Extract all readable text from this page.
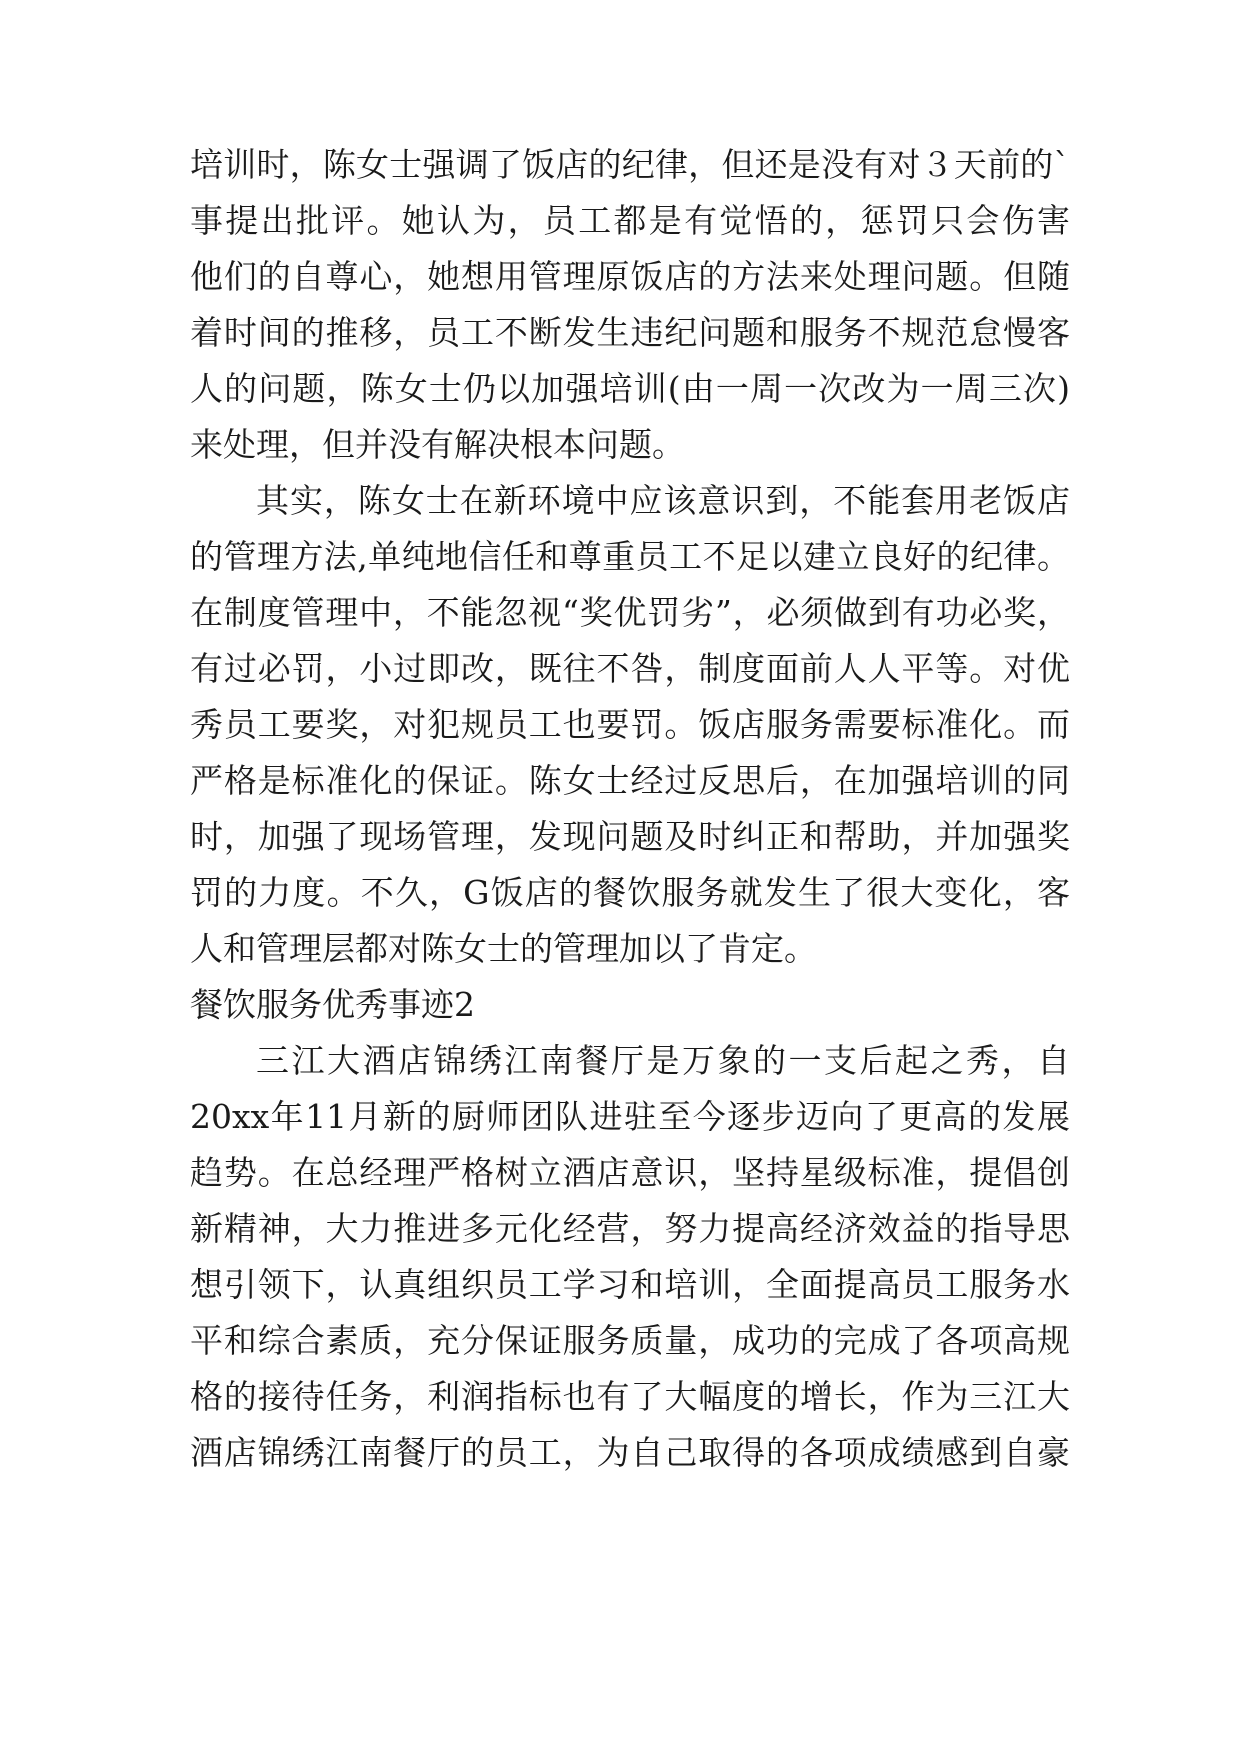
培训时，陈女士强调了饭店的纪律，但还是没有对３天前的`

事提出批评。她认为，员工都是有觉悟的，惩罚只会伤害

他们的自尊心，她想用管理原饭店的方法来处理问题。但随

着时间的推移，员工不断发生违纪问题和服务不规范怠慢客

人的问题，陈女士仍以加强培训(由一周一次改为一周三次)

来处理，但并没有解决根本问题。

其实，陈女士在新环境中应该意识到，不能套用老饭店

的管理方法,单纯地信任和尊重员工不足以建立良好的纪律。

在制度管理中，不能忽视“奖优罚劣”，必须做到有功必奖，

有过必罚，小过即改，既往不咎，制度面前人人平等。对优

秀员工要奖，对犯规员工也要罚。饭店服务需要标准化。而

严格是标准化的保证。陈女士经过反思后，在加强培训的同

时，加强了现场管理，发现问题及时纠正和帮助，并加强奖

罚的力度。不久，G饭店的餐饮服务就发生了很大变化，客

人和管理层都对陈女士的管理加以了肯定。

餐饮服务优秀事迹2

三江大酒店锦绣江南餐厅是万象的一支后起之秀，自

20xx年11月新的厨师团队进驻至今逐步迈向了更高的发展

趋势。在总经理严格树立酒店意识，坚持星级标准，提倡创

新精神，大力推进多元化经营，努力提高经济效益的指导思

想引领下，认真组织员工学习和培训，全面提高员工服务水

平和综合素质，充分保证服务质量，成功的完成了各项高规

格的接待任务，利润指标也有了大幅度的增长，作为三江大

酒店锦绣江南餐厅的员工，为自己取得的各项成绩感到自豪
